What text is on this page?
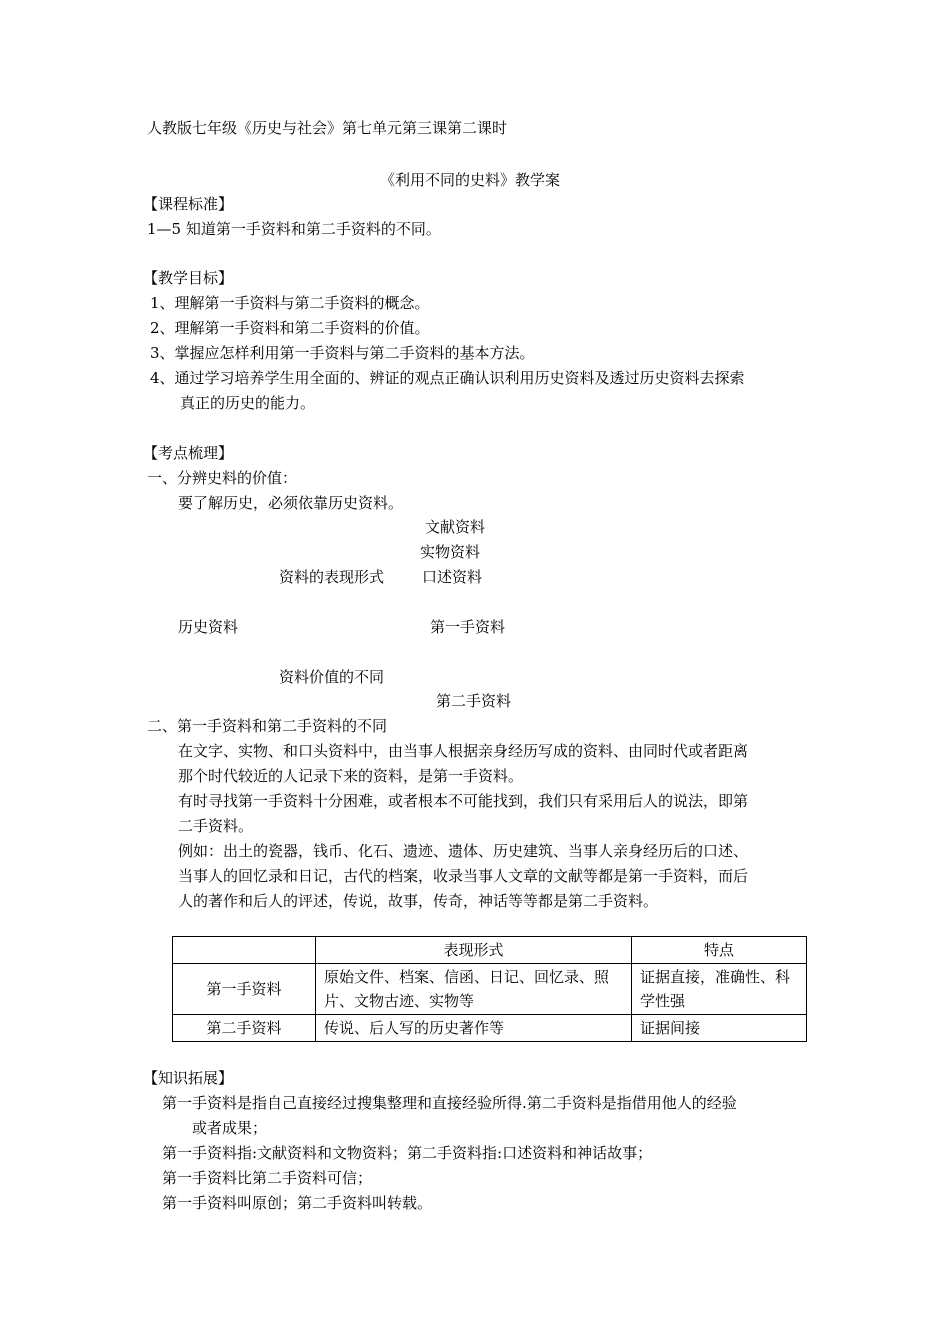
人教版七年级《历史与社会》第七单元第三课第二课时
《利用不同的史料》教学案
【课程标准】
1—5 知道第一手资料和第二手资料的不同。
【教学目标】
1、理解第一手资料与第二手资料的概念。
2、理解第一手资料和第二手资料的价值。
3、掌握应怎样利用第一手资料与第二手资料的基本方法。
4、通过学习培养学生用全面的、辨证的观点正确认识利用历史资料及透过历史资料去探索
真正的历史的能力。
【考点梳理】
一、分辨史料的价值：
要了解历史，必须依靠历史资料。
文献资料
实物资料
资料的表现形式	口述资料
历史资料	第一手资料
资料价值的不同
第二手资料
二、第一手资料和第二手资料的不同
在文字、实物、和口头资料中，由当事人根据亲身经历写成的资料、由同时代或者距离
那个时代较近的人记录下来的资料，是第一手资料。
有时寻找第一手资料十分困难，或者根本不可能找到，我们只有采用后人的说法，即第
二手资料。
例如：出土的瓷器，钱币、化石、遗迹、遗体、历史建筑、当事人亲身经历后的口述、
当事人的回忆录和日记，古代的档案，收录当事人文章的文献等都是第一手资料，而后
人的著作和后人的评述，传说，故事，传奇，神话等等都是第二手资料。
	表现形式	特点
第一手资料	原始文件、档案、信函、日记、回忆录、照片、文物古迹、实物等	证据直接，准确性、科学性强
第二手资料	传说、后人写的历史著作等	证据间接
【知识拓展】
第一手资料是指自己直接经过搜集整理和直接经验所得.第二手资料是指借用他人的经验
或者成果；
第一手资料指:文献资料和文物资料；第二手资料指:口述资料和神话故事；
第一手资料比第二手资料可信；
第一手资料叫原创；第二手资料叫转载。
